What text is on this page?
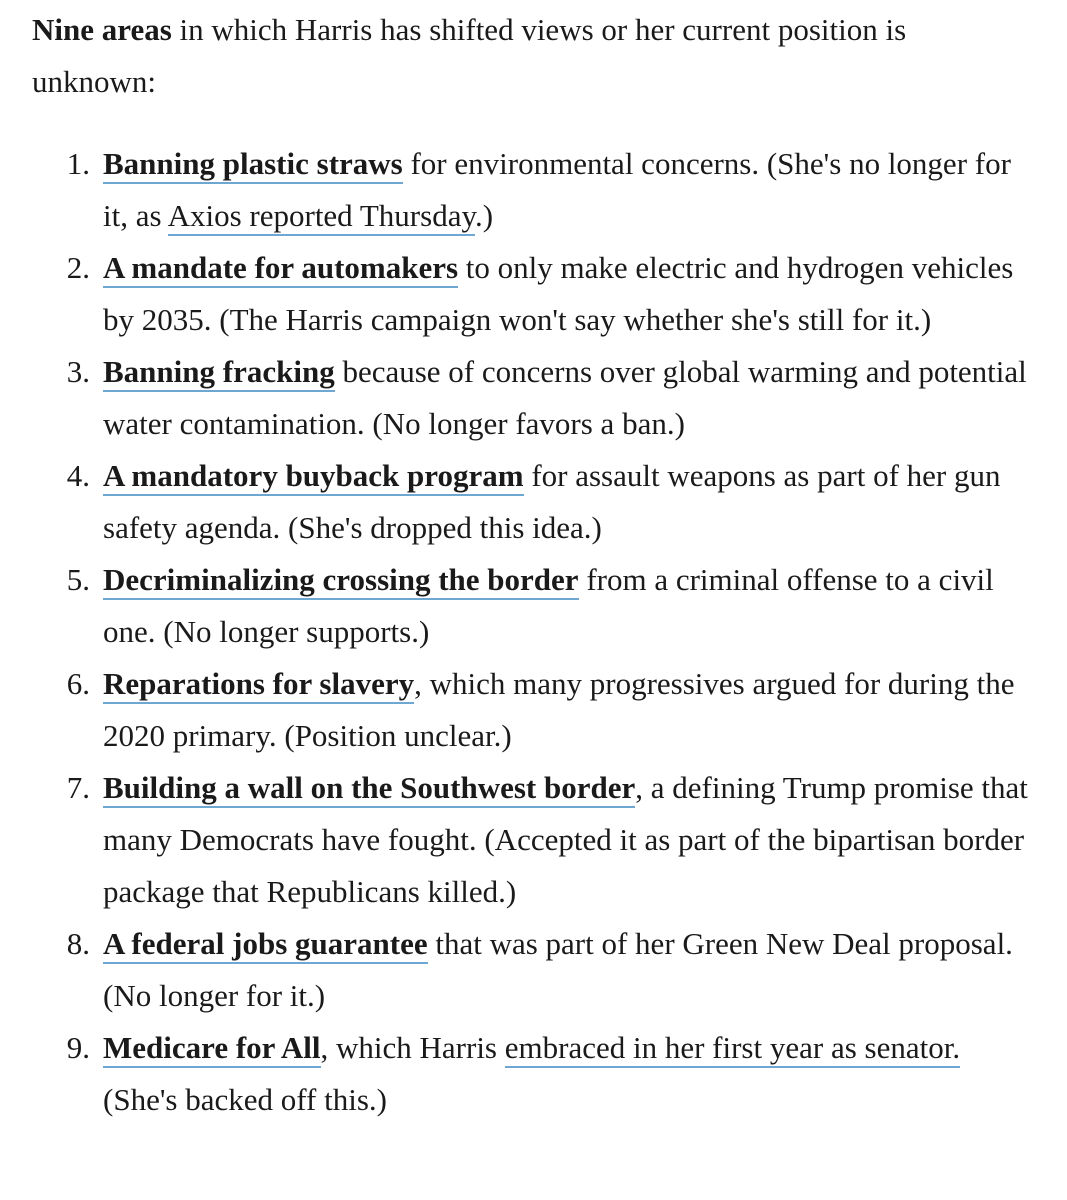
Nine areas in which Harris has shifted views or her current position is unknown:

1. Banning plastic straws for environmental concerns. (She's no longer for it, as Axios reported Thursday.)
2. A mandate for automakers to only make electric and hydrogen vehicles by 2035. (The Harris campaign won't say whether she's still for it.)
3. Banning fracking because of concerns over global warming and potential water contamination. (No longer favors a ban.)
4. A mandatory buyback program for assault weapons as part of her gun safety agenda. (She's dropped this idea.)
5. Decriminalizing crossing the border from a criminal offense to a civil one. (No longer supports.)
6. Reparations for slavery, which many progressives argued for during the 2020 primary. (Position unclear.)
7. Building a wall on the Southwest border, a defining Trump promise that many Democrats have fought. (Accepted it as part of the bipartisan border package that Republicans killed.)
8. A federal jobs guarantee that was part of her Green New Deal proposal. (No longer for it.)
9. Medicare for All, which Harris embraced in her first year as senator. (She's backed off this.)
